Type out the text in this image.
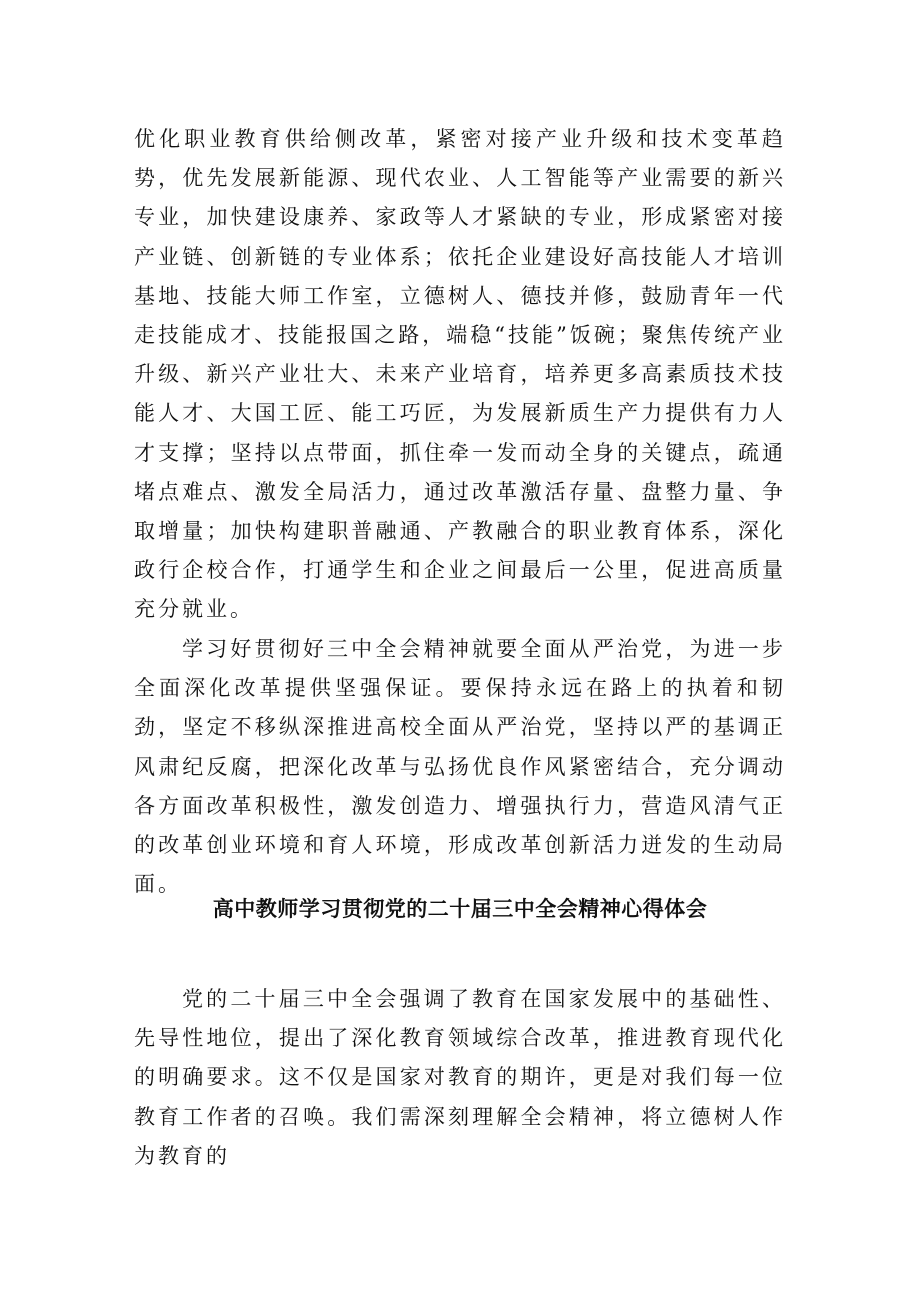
优化职业教育供给侧改革，紧密对接产业升级和技术变革趋势，优先发展新能源、现代农业、人工智能等产业需要的新兴专业，加快建设康养、家政等人才紧缺的专业，形成紧密对接产业链、创新链的专业体系；依托企业建设好高技能人才培训基地、技能大师工作室，立德树人、德技并修，鼓励青年一代走技能成才、技能报国之路，端稳“技能”饭碗；聚焦传统产业升级、新兴产业壮大、未来产业培育，培养更多高素质技术技能人才、大国工匠、能工巧匠，为发展新质生产力提供有力人才支撑；坚持以点带面，抓住牵一发而动全身的关键点，疏通堵点难点、激发全局活力，通过改革激活存量、盘整力量、争取增量；加快构建职普融通、产教融合的职业教育体系，深化政行企校合作，打通学生和企业之间最后一公里，促进高质量充分就业。

学习好贯彻好三中全会精神就要全面从严治党，为进一步全面深化改革提供坚强保证。要保持永远在路上的执着和韧劲，坚定不移纵深推进高校全面从严治党，坚持以严的基调正风肃纪反腐，把深化改革与弘扬优良作风紧密结合，充分调动各方面改革积极性，激发创造力、增强执行力，营造风清气正的改革创业环境和育人环境，形成改革创新活力迸发的生动局面。

高中教师学习贯彻党的二十届三中全会精神心得体会

党的二十届三中全会强调了教育在国家发展中的基础性、先导性地位，提出了深化教育领域综合改革，推进教育现代化的明确要求。这不仅是国家对教育的期许，更是对我们每一位教育工作者的召唤。我们需深刻理解全会精神，将立德树人作为教育的
